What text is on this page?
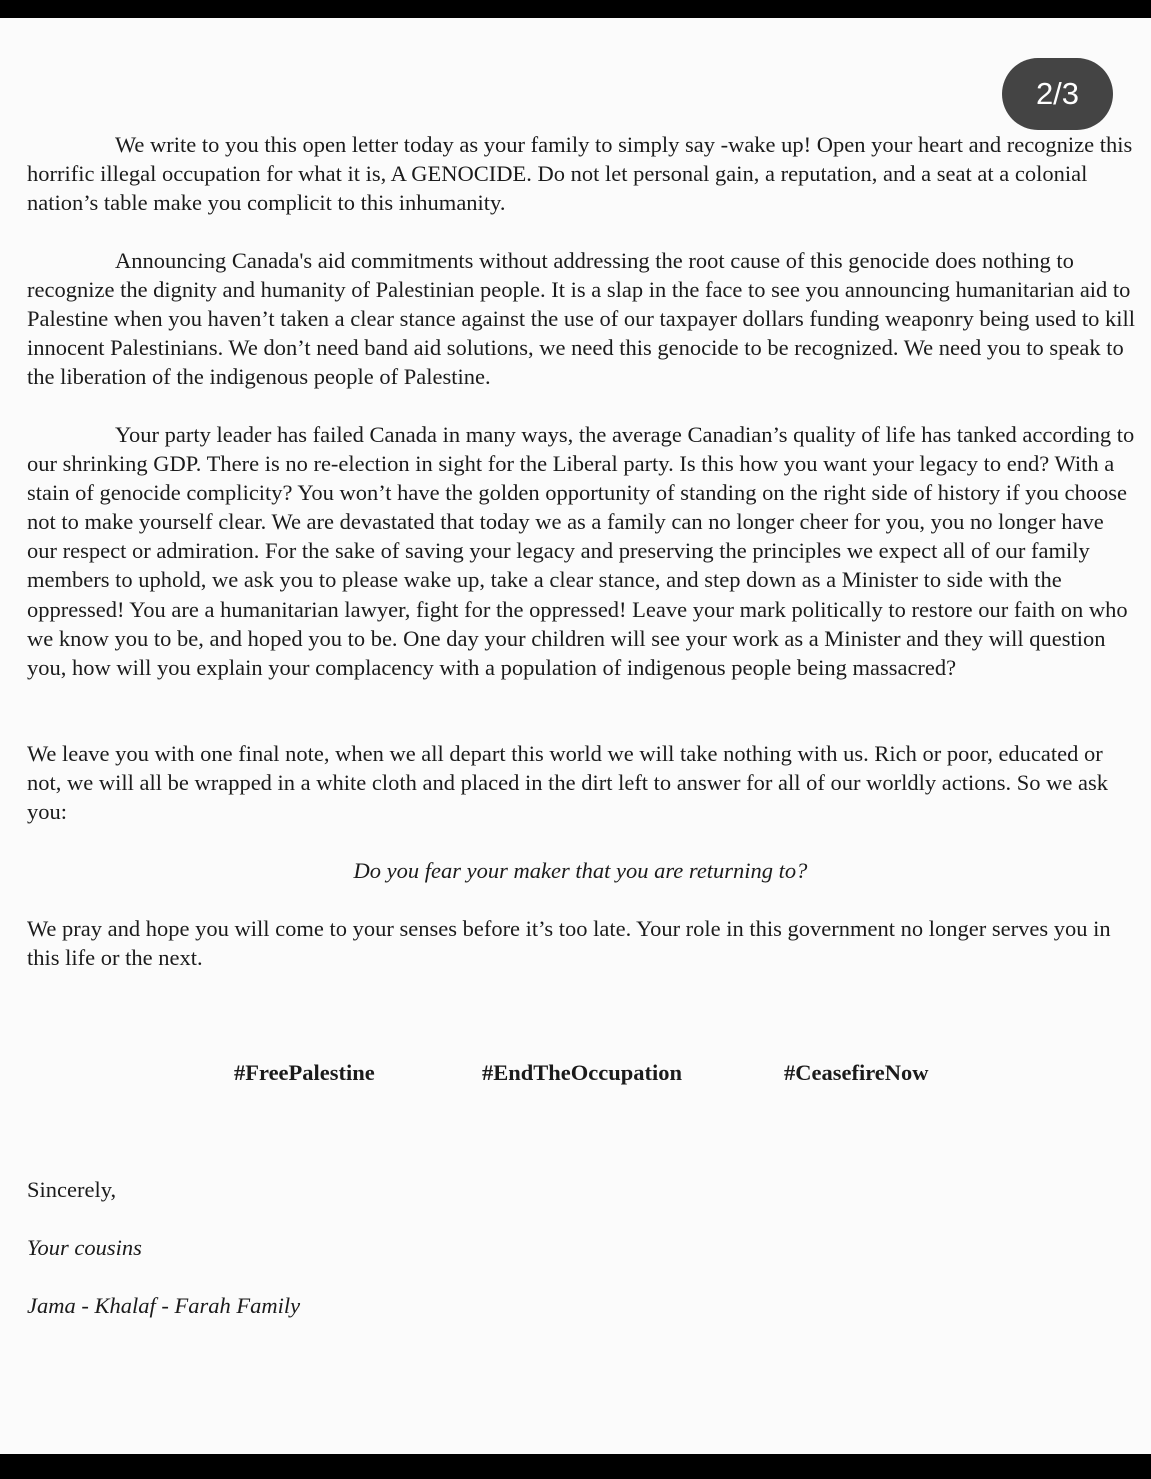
We write to you this open letter today as your family to simply say -wake up! Open your heart and recognize this horrific illegal occupation for what it is, A GENOCIDE. Do not let personal gain, a reputation, and a seat at a colonial nation’s table make you complicit to this inhumanity.

Announcing Canada's aid commitments without addressing the root cause of this genocide does nothing to recognize the dignity and humanity of Palestinian people. It is a slap in the face to see you announcing humanitarian aid to Palestine when you haven’t taken a clear stance against the use of our taxpayer dollars funding weaponry being used to kill innocent Palestinians. We don’t need band aid solutions, we need this genocide to be recognized. We need you to speak to the liberation of the indigenous people of Palestine.

Your party leader has failed Canada in many ways, the average Canadian’s quality of life has tanked according to our shrinking GDP. There is no re-election in sight for the Liberal party. Is this how you want your legacy to end? With a stain of genocide complicity? You won’t have the golden opportunity of standing on the right side of history if you choose not to make yourself clear. We are devastated that today we as a family can no longer cheer for you, you no longer have our respect or admiration. For the sake of saving your legacy and preserving the principles we expect all of our family members to uphold, we ask you to please wake up, take a clear stance, and step down as a Minister to side with the oppressed! You are a humanitarian lawyer, fight for the oppressed! Leave your mark politically to restore our faith on who we know you to be, and hoped you to be. One day your children will see your work as a Minister and they will question you, how will you explain your complacency with a population of indigenous people being massacred?

We leave you with one final note, when we all depart this world we will take nothing with us. Rich or poor, educated or not, we will all be wrapped in a white cloth and placed in the dirt left to answer for all of our worldly actions. So we ask you:

Do you fear your maker that you are returning to?

We pray and hope you will come to your senses before it’s too late. Your role in this government no longer serves you in this life or the next.

#FreePalestine	#EndTheOccupation	#CeasefireNow

Sincerely,

Your cousins

Jama - Khalaf - Farah Family

2/3
